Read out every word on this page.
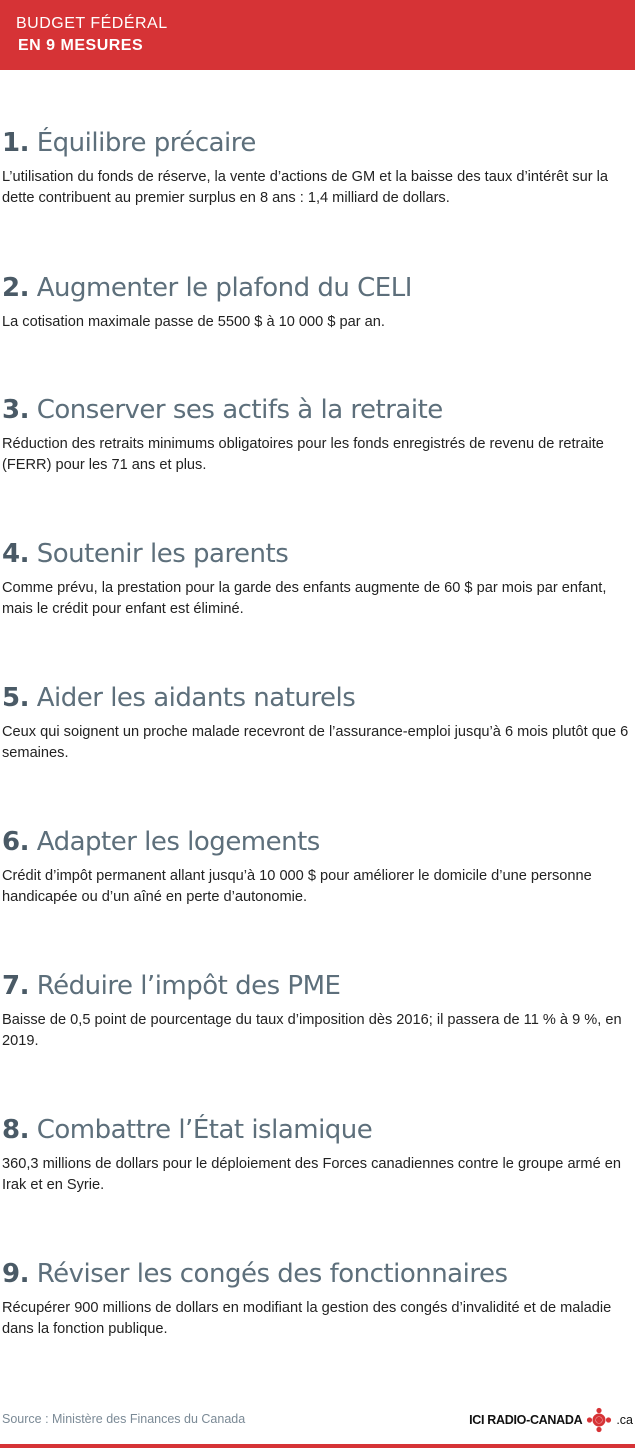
BUDGET FÉDÉRAL
EN 9 MESURES
1. Équilibre précaire

L’utilisation du fonds de réserve, la vente d’actions de GM et la baisse des taux d’intérêt sur la dette contribuent au premier surplus en 8 ans : 1,4 milliard de dollars.

2. Augmenter le plafond du CELI

La cotisation maximale passe de 5500 $ à 10 000 $ par an.

3. Conserver ses actifs à la retraite

Réduction des retraits minimums obligatoires pour les fonds enregistrés de revenu de retraite (FERR) pour les 71 ans et plus.

4. Soutenir les parents

Comme prévu, la prestation pour la garde des enfants augmente de 60 $ par mois par enfant, mais le crédit pour enfant est éliminé.

5. Aider les aidants naturels

Ceux qui soignent un proche malade recevront de l’assurance-emploi jusqu’à 6 mois plutôt que 6 semaines.

6. Adapter les logements

Crédit d’impôt permanent allant jusqu’à 10 000 $ pour améliorer le domicile d’une personne handicapée ou d’un aîné en perte d’autonomie.

7. Réduire l’impôt des PME

Baisse de 0,5 point de pourcentage du taux d’imposition dès 2016; il passera de 11 % à 9 %, en 2019.

8. Combattre l’État islamique

360,3 millions de dollars pour le déploiement des Forces canadiennes contre le groupe armé en Irak et en Syrie.

9. Réviser les congés des fonctionnaires

Récupérer 900 millions de dollars en modifiant la gestion des congés d’invalidité et de maladie dans la fonction publique.

Source : Ministère des Finances du Canada	ICI RADIO-CANADA	.ca
